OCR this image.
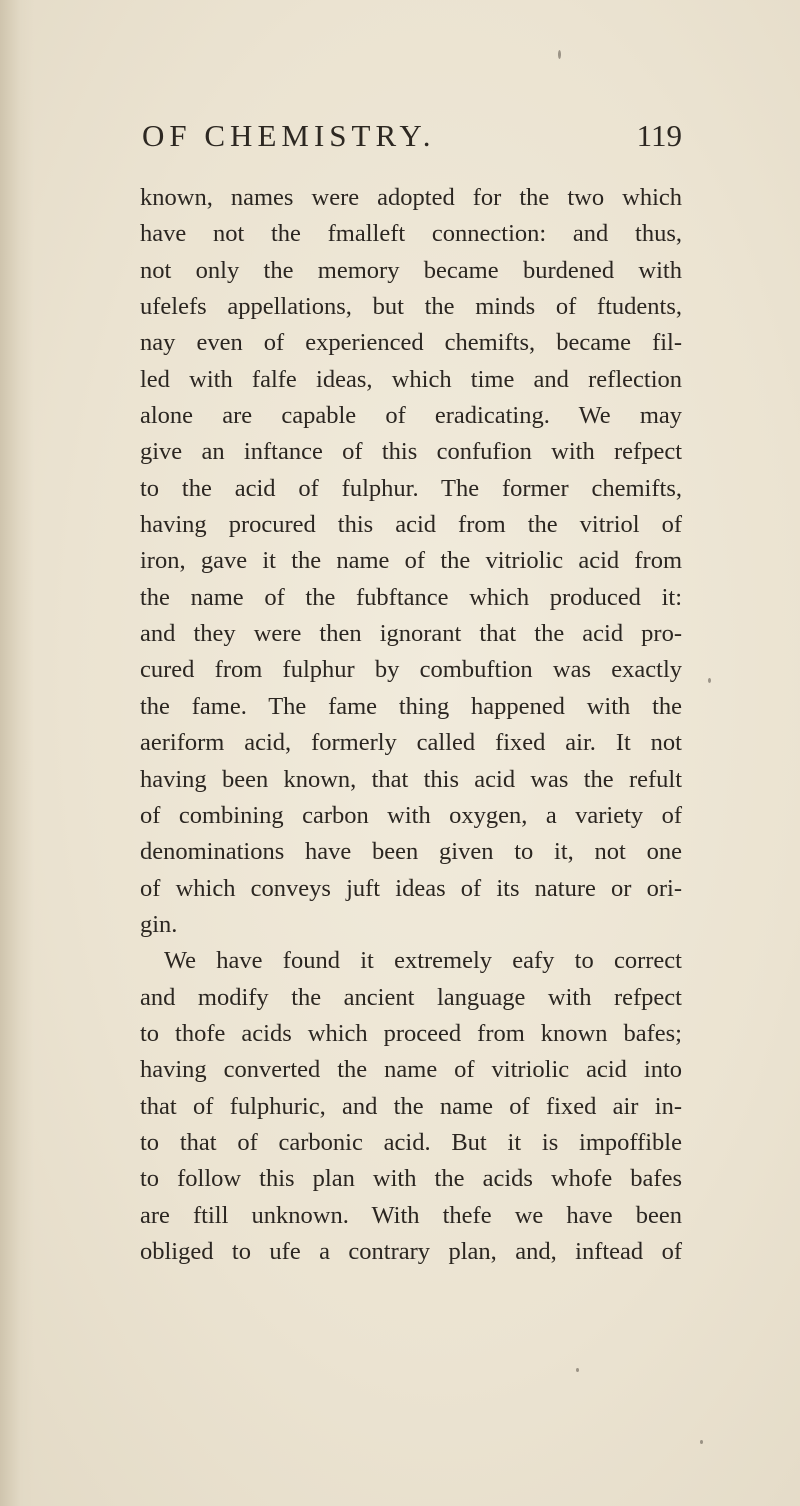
OF CHEMISTRY.	119
known, names were adopted for the two which
have not the fmalleft connection: and thus,
not only the memory became burdened with
ufelefs appellations, but the minds of ftudents,
nay even of experienced chemifts, became fil-
led with falfe ideas, which time and reflection
alone are capable of eradicating. We may
give an inftance of this confufion with refpect
to the acid of fulphur. The former chemifts,
having procured this acid from the vitriol of
iron, gave it the name of the vitriolic acid from
the name of the fubftance which produced it:
and they were then ignorant that the acid pro-
cured from fulphur by combuftion was exactly
the fame. The fame thing happened with the
aeriform acid, formerly called fixed air. It not
having been known, that this acid was the refult
of combining carbon with oxygen, a variety of
denominations have been given to it, not one
of which conveys juft ideas of its nature or ori-
gin.
We have found it extremely eafy to correct
and modify the ancient language with refpect
to thofe acids which proceed from known bafes;
having converted the name of vitriolic acid into
that of fulphuric, and the name of fixed air in-
to that of carbonic acid. But it is impoffible
to follow this plan with the acids whofe bafes
are ftill unknown. With thefe we have been
obliged to ufe a contrary plan, and, inftead of
